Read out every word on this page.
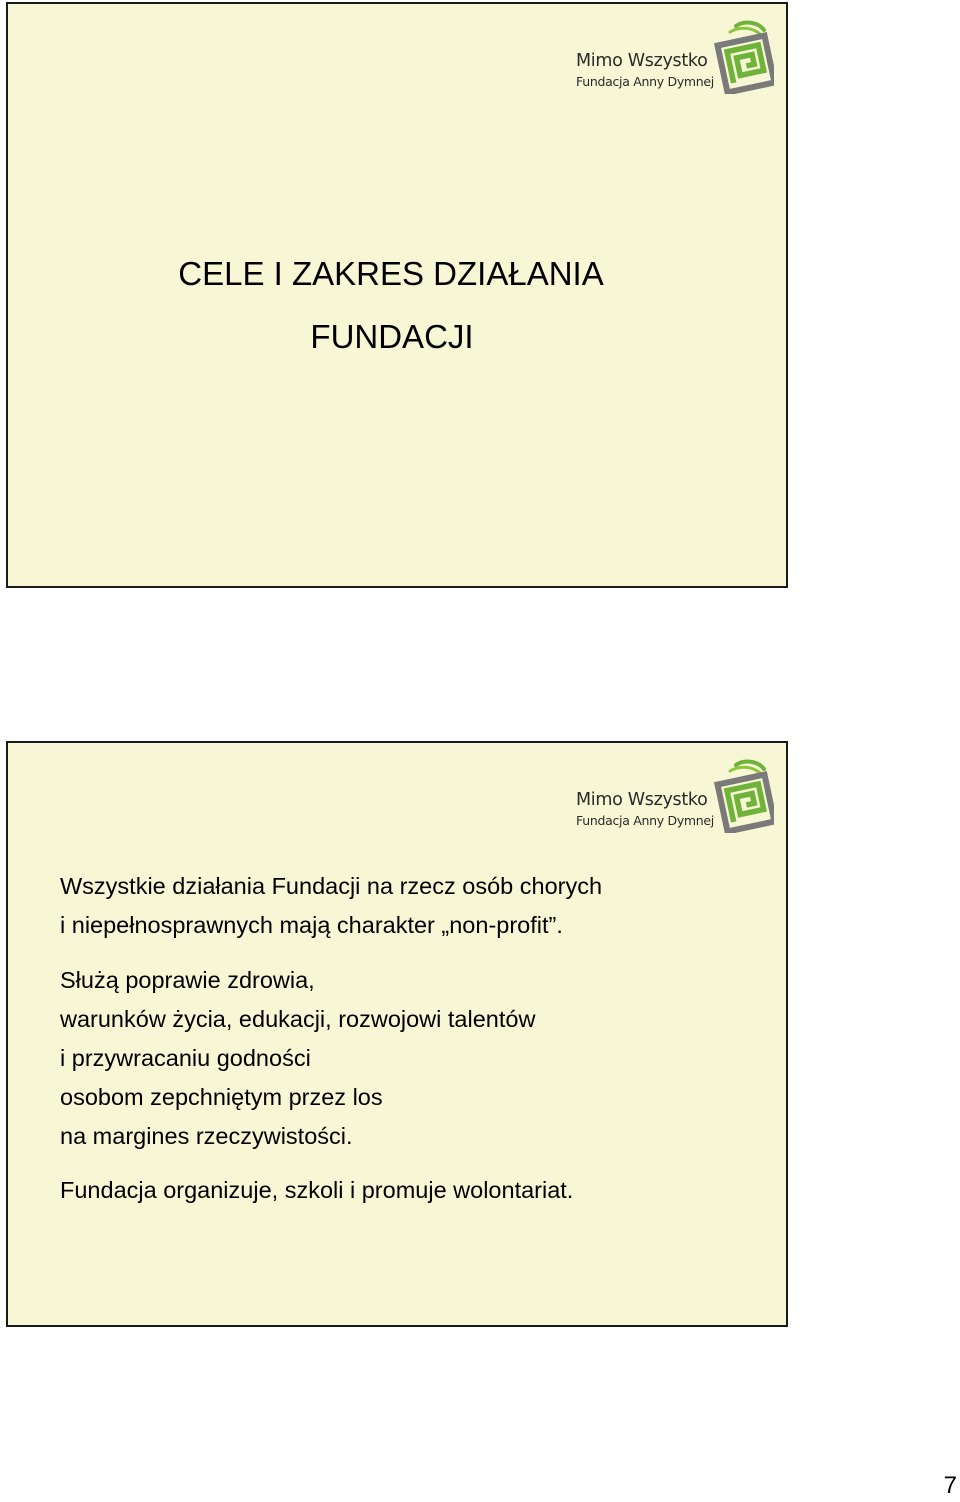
Mimo Wszystko
Fundacja Anny Dymnej
CELE I ZAKRES DZIAŁANIA
FUNDACJI
Mimo Wszystko
Fundacja Anny Dymnej
Wszystkie działania Fundacji na rzecz osób chorych
i niepełnosprawnych mają charakter „non-profit”.
Służą poprawie zdrowia,
warunków życia, edukacji, rozwojowi talentów
i przywracaniu godności
osobom zepchniętym przez los
na margines rzeczywistości.
Fundacja organizuje, szkoli i promuje wolontariat.
7
